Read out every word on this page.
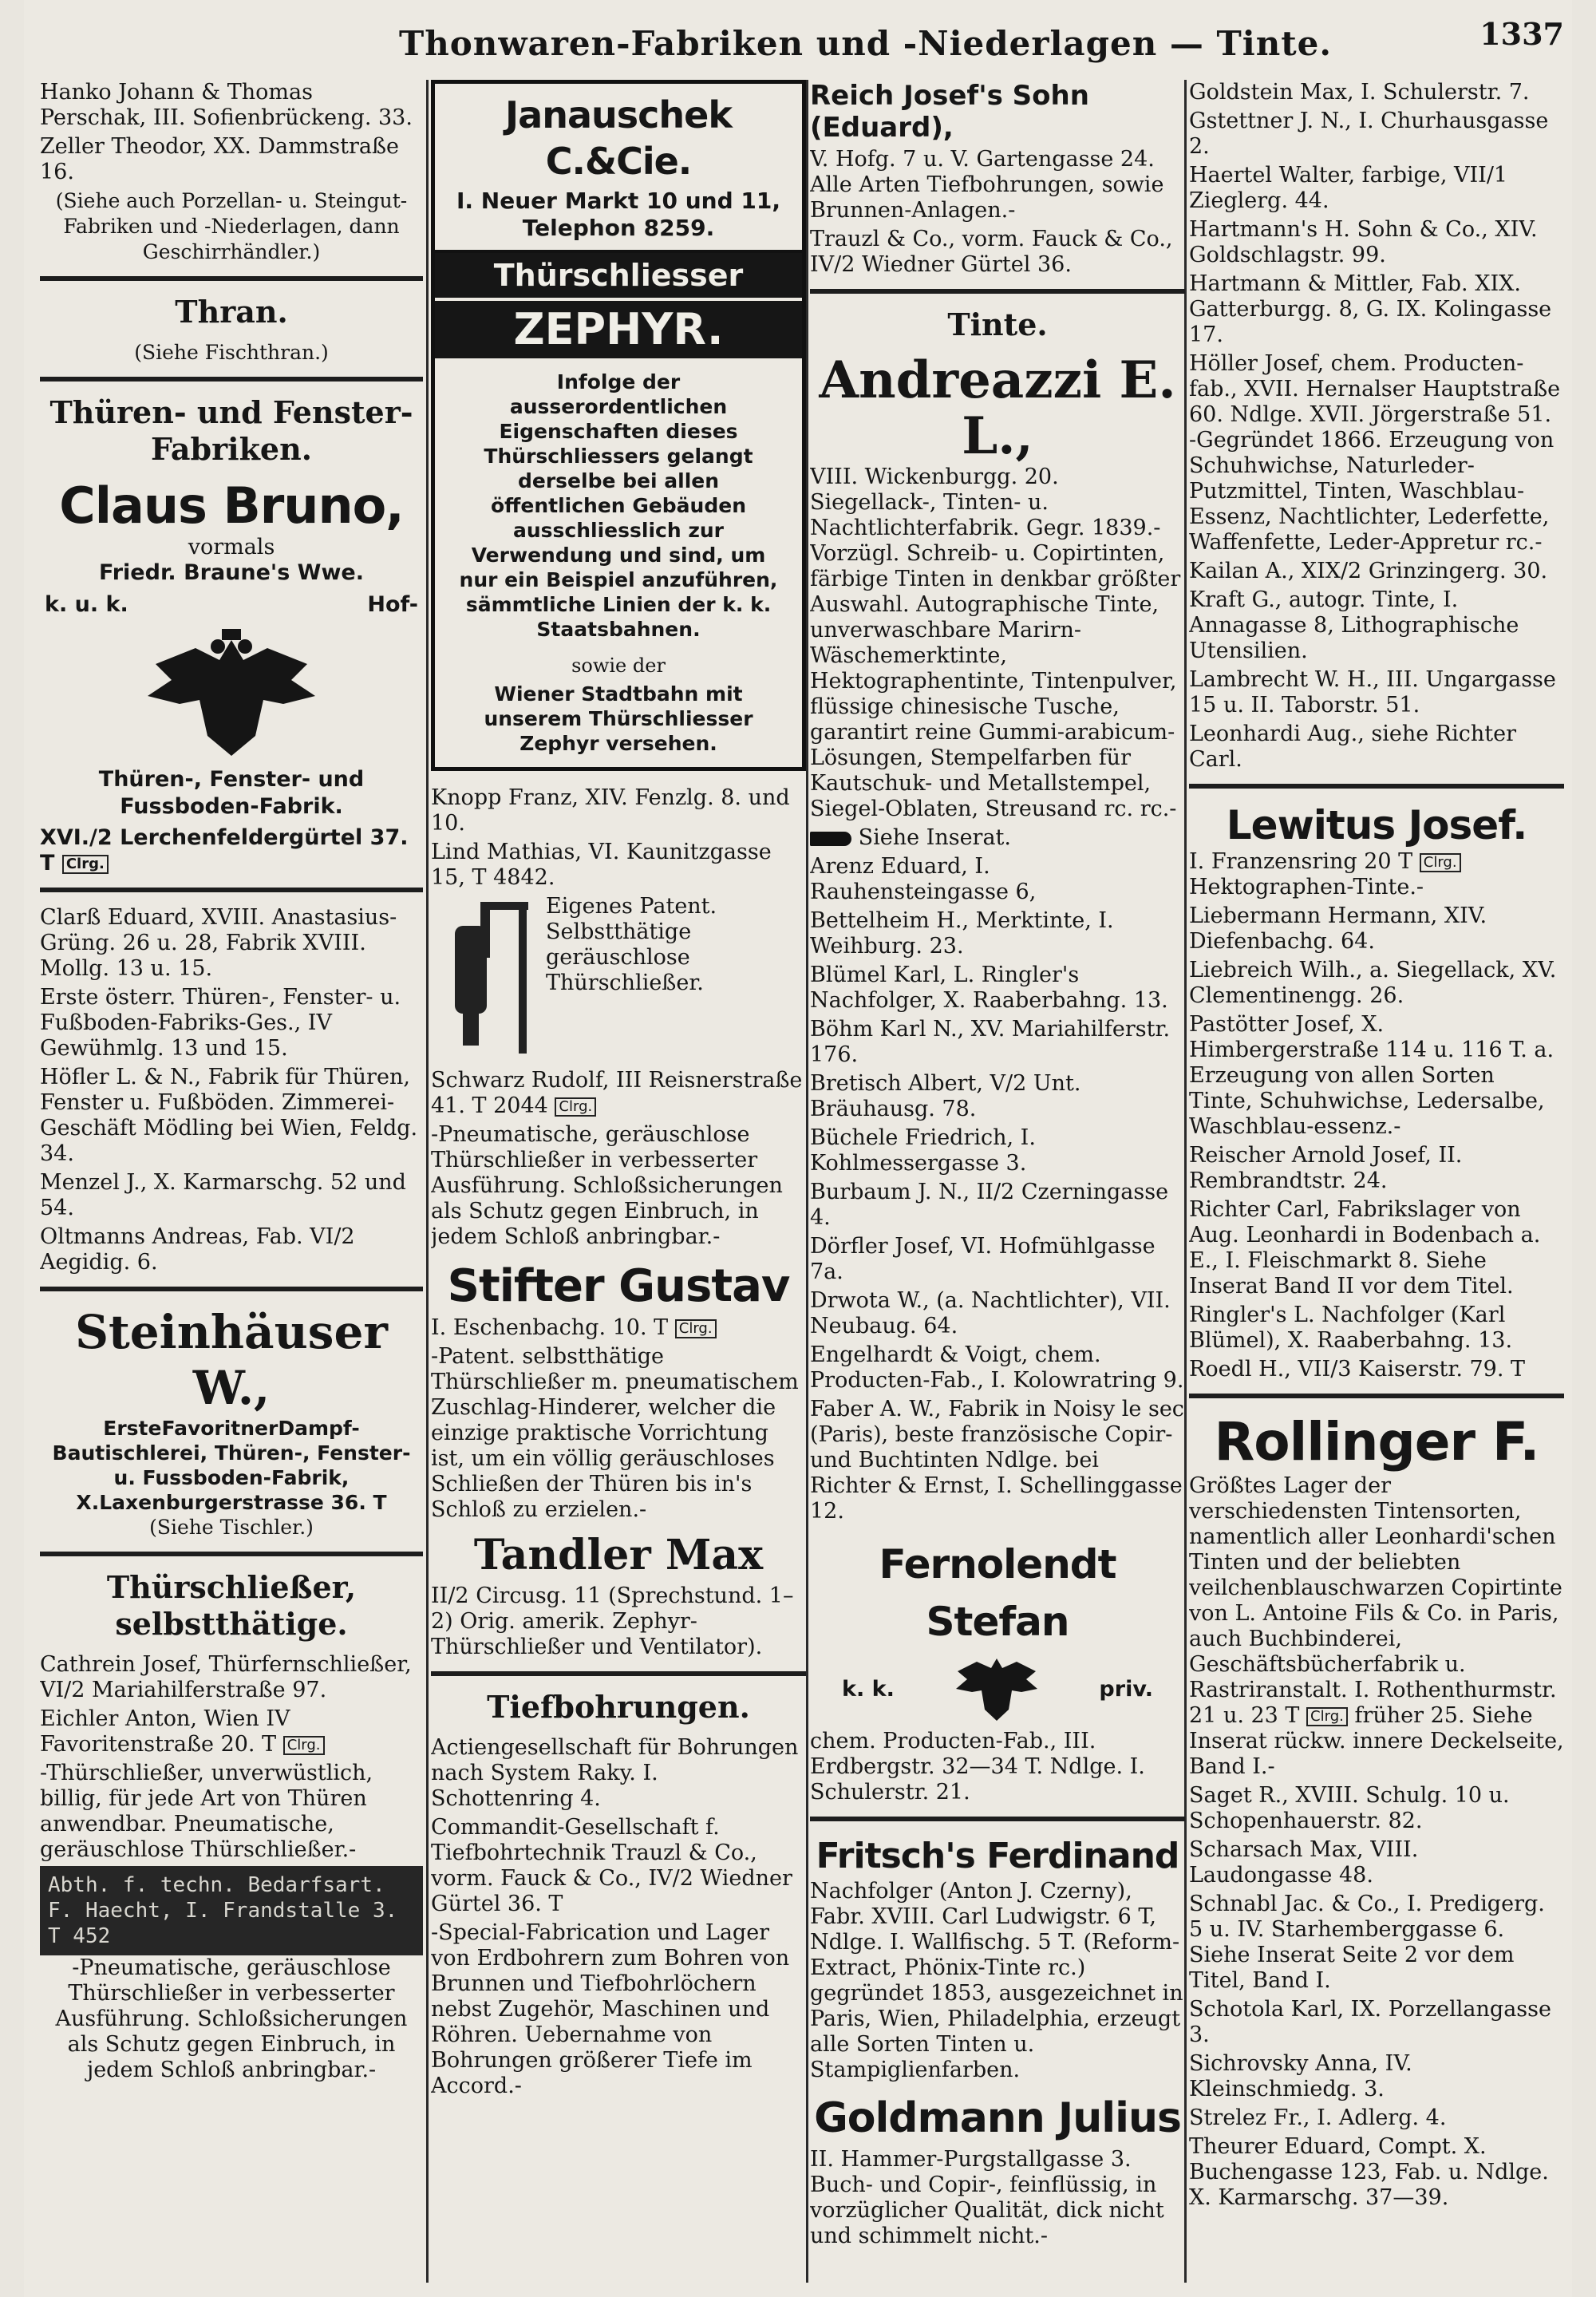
Thonwaren-Fabriken und -Niederlagen — Tinte.	1337
Hanko Johann & Thomas Perschak, III. Sofienbrückeng. 33.
Zeller Theodor, XX. Dammstraße 16.
(Siehe auch Porzellan- u. Steingut-Fabriken und -Niederlagen, dann Geschirrhändler.)
Thran.
(Siehe Fischthran.)
Thüren- und Fenster-Fabriken.
Claus Bruno,
vormals
Friedr. Braune's Wwe.
k. u. k.	Hof-
Thüren-, Fenster- und Fussboden-Fabrik.
XVI./2 Lerchenfeldergürtel 37. T Clrg.
Clarß Eduard, XVIII. Anastasius-Grüng. 26 u. 28, Fabrik XVIII. Mollg. 13 u. 15.
Erste österr. Thüren-, Fenster- u. Fußboden-Fabriks-Ges., IV Gewühmlg. 13 und 15.
Höfler L. & N., Fabrik für Thüren, Fenster u. Fußböden. Zimmerei-Geschäft Mödling bei Wien, Feldg. 34.
Menzel J., X. Karmarschg. 52 und 54.
Oltmanns Andreas, Fab. VI/2 Aegidig. 6.
Steinhäuser W.,
ErsteFavoritnerDampf-Bautischlerei, Thüren-, Fenster- u. Fussboden-Fabrik, X.Laxenburgerstrasse 36. T
(Siehe Tischler.)
Thürschließer, selbstthätige.
Cathrein Josef, Thürfernschließer, VI/2 Mariahilferstraße 97.
Eichler Anton, Wien IV Favoritenstraße 20. T Clrg.
-Thürschließer, unverwüstlich, billig, für jede Art von Thüren anwendbar. Pneumatische, geräuschlose Thürschließer.-
Abth. f. techn. Bedarfsart. F. Haecht, I. Frandstalle 3. T 452
-Pneumatische, geräuschlose Thürschließer in verbesserter Ausführung. Schloßsicherungen als Schutz gegen Einbruch, in jedem Schloß anbringbar.-
Janauschek C.&Cie.
I. Neuer Markt 10 und 11, Telephon 8259.
Thürschliesser
ZEPHYR.
Infolge der ausserordentlichen Eigenschaften dieses Thürschliessers gelangt derselbe bei allen öffentlichen Gebäuden ausschliesslich zur Verwendung und sind, um nur ein Beispiel anzuführen, sämmtliche Linien der k. k. Staatsbahnen.
sowie der
Wiener Stadtbahn mit unserem Thürschliesser Zephyr versehen.
Knopp Franz, XIV. Fenzlg. 8. und 10.
Lind Mathias, VI. Kaunitzgasse 15, T 4842.
Eigenes Patent. Selbstthätige geräuschlose Thürschließer.
Schwarz Rudolf, III Reisnerstraße 41. T 2044 Clrg.
-Pneumatische, geräuschlose Thürschließer in verbesserter Ausführung. Schloßsicherungen als Schutz gegen Einbruch, in jedem Schloß anbringbar.-
Stifter Gustav
I. Eschenbachg. 10. T Clrg.
-Patent. selbstthätige Thürschließer m. pneumatischem Zuschlag-Hinderer, welcher die einzige praktische Vorrichtung ist, um ein völlig geräuschloses Schließen der Thüren bis in's Schloß zu erzielen.-
Tandler Max
II/2 Circusg. 11 (Sprechstund. 1–2) Orig. amerik. Zephyr-Thürschließer und Ventilator).
Tiefbohrungen.
Actiengesellschaft für Bohrungen nach System Raky. I. Schottenring 4.
Commandit-Gesellschaft f. Tiefbohrtechnik Trauzl & Co., vorm. Fauck & Co., IV/2 Wiedner Gürtel 36. T
-Special-Fabrication und Lager von Erdbohrern zum Bohren von Brunnen und Tiefbohrlöchern nebst Zugehör, Maschinen und Röhren. Uebernahme von Bohrungen größerer Tiefe im Accord.-
Reich Josef's Sohn (Eduard),
V. Hofg. 7 u. V. Gartengasse 24. Alle Arten Tiefbohrungen, sowie Brunnen-Anlagen.-
Trauzl & Co., vorm. Fauck & Co., IV/2 Wiedner Gürtel 36.
Tinte.
Andreazzi E. L.,
VIII. Wickenburgg. 20. Siegellack-, Tinten- u. Nachtlichterfabrik. Gegr. 1839.- Vorzügl. Schreib- u. Copirtinten, färbige Tinten in denkbar größter Auswahl. Autographische Tinte, unverwaschbare Marirn-Wäschemerktinte, Hektographentinte, Tintenpulver, flüssige chinesische Tusche, garantirt reine Gummi-arabicum-Lösungen, Stempelfarben für Kautschuk- und Metallstempel, Siegel-Oblaten, Streusand rc. rc.-
Siehe Inserat.
Arenz Eduard, I. Rauhensteingasse 6,
Bettelheim H., Merktinte, I. Weihburg. 23.
Blümel Karl, L. Ringler's Nachfolger, X. Raaberbahng. 13.
Böhm Karl N., XV. Mariahilferstr. 176.
Bretisch Albert, V/2 Unt. Bräuhausg. 78.
Büchele Friedrich, I. Kohlmessergasse 3.
Burbaum J. N., II/2 Czerningasse 4.
Dörfler Josef, VI. Hofmühlgasse 7a.
Drwota W., (a. Nachtlichter), VII. Neubaug. 64.
Engelhardt & Voigt, chem. Producten-Fab., I. Kolowratring 9.
Faber A. W., Fabrik in Noisy le sec (Paris), beste französische Copir- und Buchtinten Ndlge. bei Richter & Ernst, I. Schellinggasse 12.
Fernolendt Stefan
k. k.	priv.
chem. Producten-Fab., III. Erdbergstr. 32—34 T. Ndlge. I. Schulerstr. 21.
Fritsch's Ferdinand
Nachfolger (Anton J. Czerny), Fabr. XVIII. Carl Ludwigstr. 6 T, Ndlge. I. Wallfischg. 5 T. (Reform-Extract, Phönix-Tinte rc.) gegründet 1853, ausgezeichnet in Paris, Wien, Philadelphia, erzeugt alle Sorten Tinten u. Stampiglienfarben.
Goldmann Julius
II. Hammer-Purgstallgasse 3. Buch- und Copir-, feinflüssig, in vorzüglicher Qualität, dick nicht und schimmelt nicht.-
Goldstein Max, I. Schulerstr. 7.
Gstettner J. N., I. Churhausgasse 2.
Haertel Walter, farbige, VII/1 Zieglerg. 44.
Hartmann's H. Sohn & Co., XIV. Goldschlagstr. 99.
Hartmann & Mittler, Fab. XIX. Gatterburgg. 8, G. IX. Kolingasse 17.
Höller Josef, chem. Producten-fab., XVII. Hernalser Hauptstraße 60. Ndlge. XVII. Jörgerstraße 51. -Gegründet 1866. Erzeugung von Schuhwichse, Naturleder-Putzmittel, Tinten, Waschblau-Essenz, Nachtlichter, Lederfette, Waffenfette, Leder-Appretur rc.-
Kailan A., XIX/2 Grinzingerg. 30.
Kraft G., autogr. Tinte, I. Annagasse 8, Lithographische Utensilien.
Lambrecht W. H., III. Ungargasse 15 u. II. Taborstr. 51.
Leonhardi Aug., siehe Richter Carl.
Lewitus Josef.
I. Franzensring 20 T Clrg. Hektographen-Tinte.-
Liebermann Hermann, XIV. Diefenbachg. 64.
Liebreich Wilh., a. Siegellack, XV. Clementinengg. 26.
Pastötter Josef, X. Himbergerstraße 114 u. 116 T. a. Erzeugung von allen Sorten Tinte, Schuhwichse, Ledersalbe, Waschblau-essenz.-
Reischer Arnold Josef, II. Rembrandtstr. 24.
Richter Carl, Fabrikslager von Aug. Leonhardi in Bodenbach a. E., I. Fleischmarkt 8. Siehe Inserat Band II vor dem Titel.
Ringler's L. Nachfolger (Karl Blümel), X. Raaberbahng. 13.
Roedl H., VII/3 Kaiserstr. 79. T
Rollinger F.
Größtes Lager der verschiedensten Tintensorten, namentlich aller Leonhardi'schen Tinten und der beliebten veilchenblauschwarzen Copirtinte von L. Antoine Fils & Co. in Paris, auch Buchbinderei, Geschäftsbücherfabrik u. Rastriranstalt. I. Rothenthurmstr. 21 u. 23 T Clrg. früher 25. Siehe Inserat rückw. innere Deckelseite, Band I.-
Saget R., XVIII. Schulg. 10 u. Schopenhauerstr. 82.
Scharsach Max, VIII. Laudongasse 48.
Schnabl Jac. & Co., I. Predigerg. 5 u. IV. Starhemberggasse 6. Siehe Inserat Seite 2 vor dem Titel, Band I.
Schotola Karl, IX. Porzellangasse 3.
Sichrovsky Anna, IV. Kleinschmiedg. 3.
Strelez Fr., I. Adlerg. 4.
Theurer Eduard, Compt. X. Buchengasse 123, Fab. u. Ndlge. X. Karmarschg. 37—39.
